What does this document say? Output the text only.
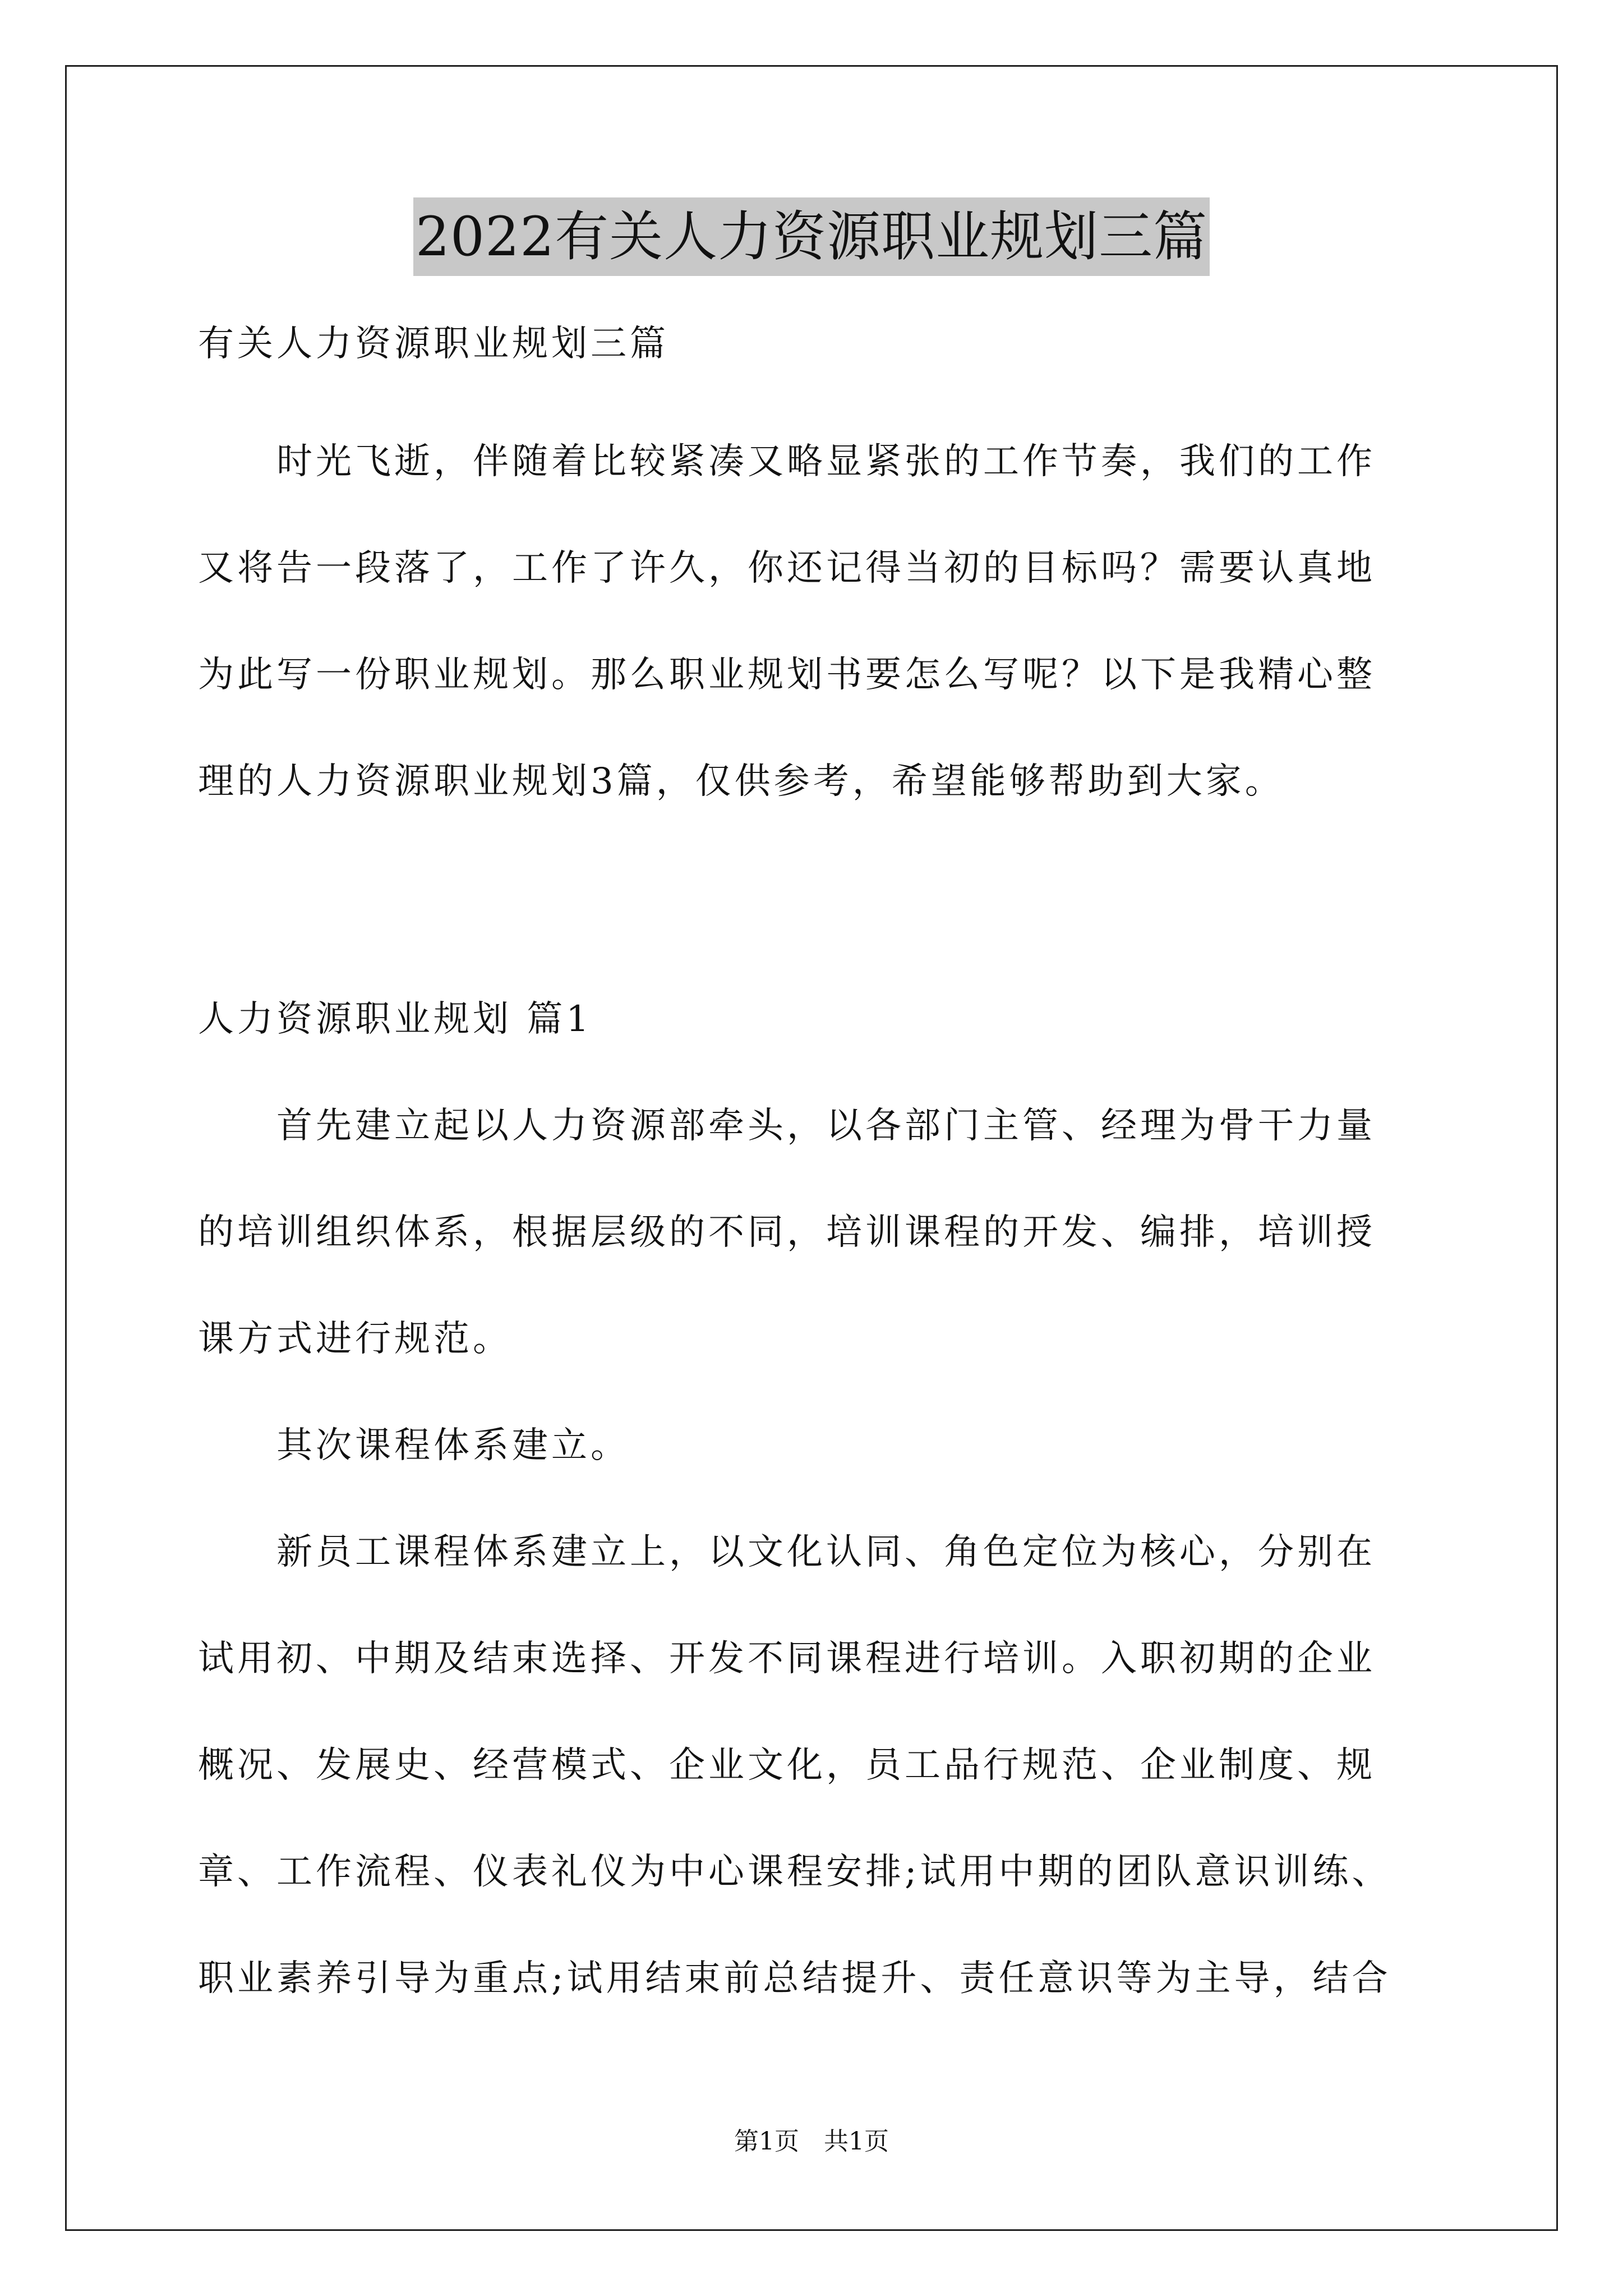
2022有关人力资源职业规划三篇
有关人力资源职业规划三篇
　　时光飞逝，伴随着比较紧凑又略显紧张的工作节奏，我们的工作
又将告一段落了，工作了许久，你还记得当初的目标吗？需要认真地
为此写一份职业规划。那么职业规划书要怎么写呢？以下是我精心整
理的人力资源职业规划3篇，仅供参考，希望能够帮助到大家。
人力资源职业规划 篇1
　　首先建立起以人力资源部牵头，以各部门主管、经理为骨干力量
的培训组织体系，根据层级的不同，培训课程的开发、编排，培训授
课方式进行规范。
　　其次课程体系建立。
　　新员工课程体系建立上，以文化认同、角色定位为核心，分别在
试用初、中期及结束选择、开发不同课程进行培训。入职初期的企业
概况、发展史、经营模式、企业文化，员工品行规范、企业制度、规
章、工作流程、仪表礼仪为中心课程安排;试用中期的团队意识训练、
职业素养引导为重点;试用结束前总结提升、责任意识等为主导，结合
第1页　共1页
